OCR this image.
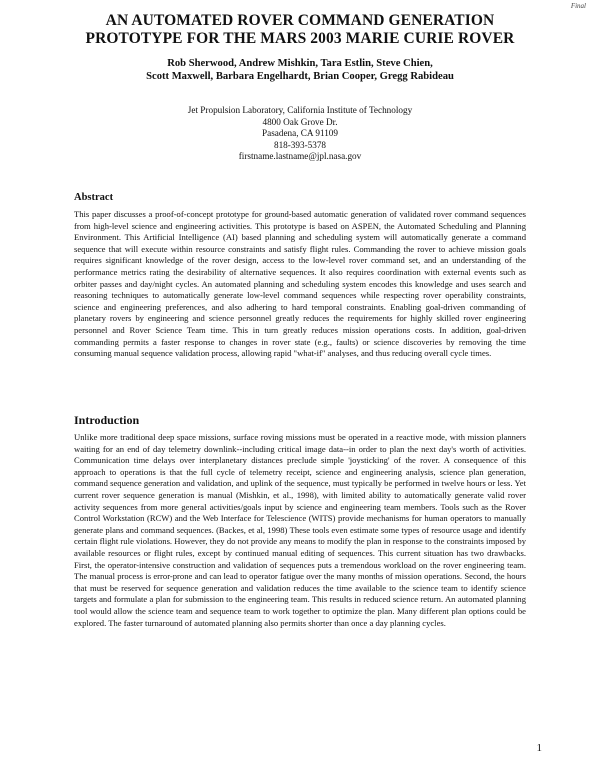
Final
AN AUTOMATED ROVER COMMAND GENERATION
PROTOTYPE FOR THE MARS 2003 MARIE CURIE ROVER
Rob Sherwood, Andrew Mishkin, Tara Estlin, Steve Chien,
Scott Maxwell, Barbara Engelhardt, Brian Cooper, Gregg Rabideau
Jet Propulsion Laboratory, California Institute of Technology
4800 Oak Grove Dr.
Pasadena, CA 91109
818-393-5378
firstname.lastname@jpl.nasa.gov
Abstract
This paper discusses a proof-of-concept prototype for ground-based automatic generation of validated rover command sequences from high-level science and engineering activities. This prototype is based on ASPEN, the Automated Scheduling and Planning Environment. This Artificial Intelligence (AI) based planning and scheduling system will automatically generate a command sequence that will execute within resource constraints and satisfy flight rules. Commanding the rover to achieve mission goals requires significant knowledge of the rover design, access to the low-level rover command set, and an understanding of the performance metrics rating the desirability of alternative sequences. It also requires coordination with external events such as orbiter passes and day/night cycles. An automated planning and scheduling system encodes this knowledge and uses search and reasoning techniques to automatically generate low-level command sequences while respecting rover operability constraints, science and engineering preferences, and also adhering to hard temporal constraints. Enabling goal-driven commanding of planetary rovers by engineering and science personnel greatly reduces the requirements for highly skilled rover engineering personnel and Rover Science Team time. This in turn greatly reduces mission operations costs. In addition, goal-driven commanding permits a faster response to changes in rover state (e.g., faults) or science discoveries by removing the time consuming manual sequence validation process, allowing rapid "what-if" analyses, and thus reducing overall cycle times.
Introduction
Unlike more traditional deep space missions, surface roving missions must be operated in a reactive mode, with mission planners waiting for an end of day telemetry downlink--including critical image data--in order to plan the next day's worth of activities. Communication time delays over interplanetary distances preclude simple 'joysticking' of the rover. A consequence of this approach to operations is that the full cycle of telemetry receipt, science and engineering analysis, science plan generation, command sequence generation and validation, and uplink of the sequence, must typically be performed in twelve hours or less. Yet current rover sequence generation is manual (Mishkin, et al., 1998), with limited ability to automatically generate valid rover activity sequences from more general activities/goals input by science and engineering team members. Tools such as the Rover Control Workstation (RCW) and the Web Interface for Telescience (WITS) provide mechanisms for human operators to manually generate plans and command sequences. (Backes, et al, 1998) These tools even estimate some types of resource usage and identify certain flight rule violations. However, they do not provide any means to modify the plan in response to the constraints imposed by available resources or flight rules, except by continued manual editing of sequences. This current situation has two drawbacks. First, the operator-intensive construction and validation of sequences puts a tremendous workload on the rover engineering team. The manual process is error-prone and can lead to operator fatigue over the many months of mission operations. Second, the hours that must be reserved for sequence generation and validation reduces the time available to the science team to identify science targets and formulate a plan for submission to the engineering team. This results in reduced science return. An automated planning tool would allow the science team and sequence team to work together to optimize the plan. Many different plan options could be explored. The faster turnaround of automated planning also permits shorter than once a day planning cycles.
1
